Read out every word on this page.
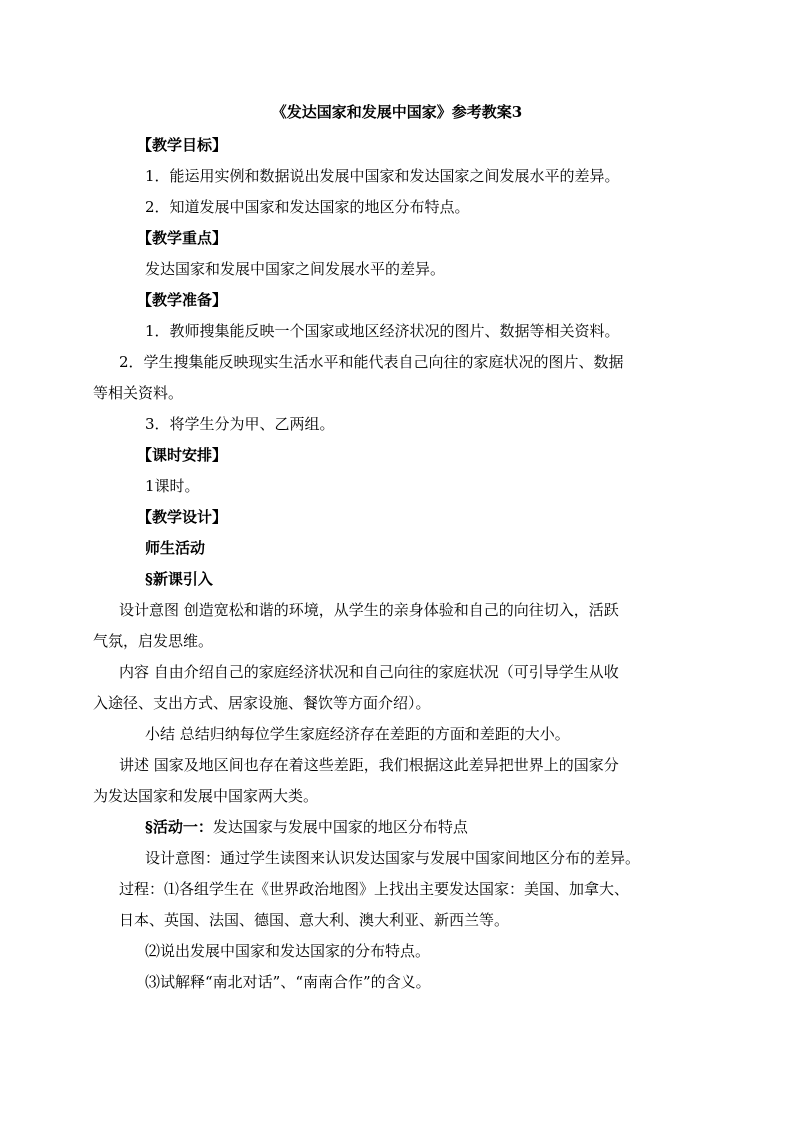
《发达国家和发展中国家》参考教案3
【教学目标】
1．能运用实例和数据说出发展中国家和发达国家之间发展水平的差异。
2．知道发展中国家和发达国家的地区分布特点。
【教学重点】
发达国家和发展中国家之间发展水平的差异。
【教学准备】
1．教师搜集能反映一个国家或地区经济状况的图片、数据等相关资料。
2．学生搜集能反映现实生活水平和能代表自己向往的家庭状况的图片、数据
等相关资料。
3．将学生分为甲、乙两组。
【课时安排】
1课时。
【教学设计】
师生活动
§新课引入
设计意图 创造宽松和谐的环境，从学生的亲身体验和自己的向往切入，活跃
气氛，启发思维。
内容 自由介绍自己的家庭经济状况和自己向往的家庭状况（可引导学生从收
入途径、支出方式、居家设施、餐饮等方面介绍）。
小结 总结归纳每位学生家庭经济存在差距的方面和差距的大小。
讲述 国家及地区间也存在着这些差距，我们根据这此差异把世界上的国家分
为发达国家和发展中国家两大类。
§活动一：发达国家与发展中国家的地区分布特点
设计意图：通过学生读图来认识发达国家与发展中国家间地区分布的差异。
过程：⑴各组学生在《世界政治地图》上找出主要发达国家：美国、加拿大、
日本、英国、法国、德国、意大利、澳大利亚、新西兰等。
⑵说出发展中国家和发达国家的分布特点。
⑶试解释“南北对话”、“南南合作”的含义。
